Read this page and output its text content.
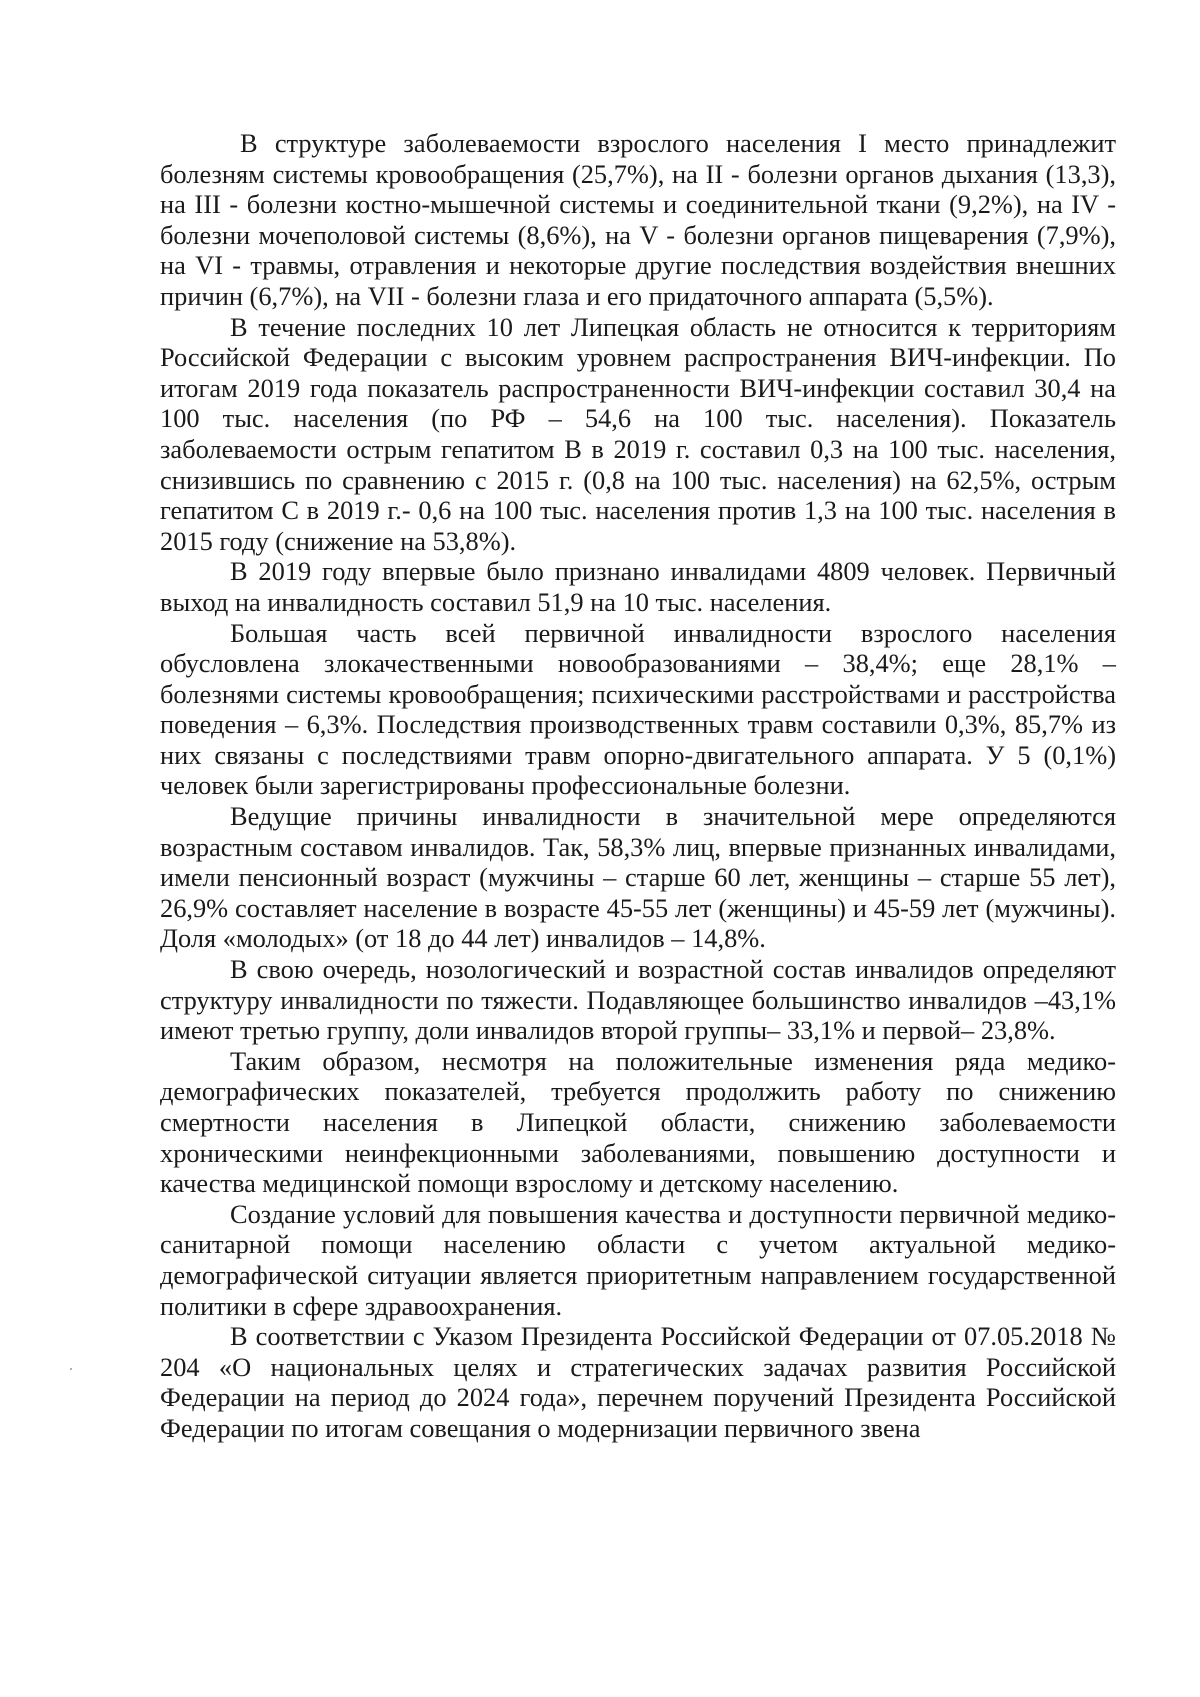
В структуре заболеваемости взрослого населения I место принадлежит болезням системы кровообращения (25,7%), на II - болезни органов дыхания (13,3), на III - болезни костно-мышечной системы и соединительной ткани (9,2%), на IV - болезни мочеполовой системы (8,6%), на V - болезни органов пищеварения (7,9%), на VI - травмы, отравления и некоторые другие последствия воздействия внешних причин (6,7%), на VII - болезни глаза и его придаточного аппарата (5,5%).

В течение последних 10 лет Липецкая область не относится к территориям Российской Федерации с высоким уровнем распространения ВИЧ-инфекции. По итогам 2019 года показатель распространенности ВИЧ-инфекции составил 30,4 на 100 тыс. населения (по РФ – 54,6 на 100 тыс. населения). Показатель заболеваемости острым гепатитом В в 2019 г. составил 0,3 на 100 тыс. населения, снизившись по сравнению с 2015 г. (0,8 на 100 тыс. населения) на 62,5%, острым гепатитом С в 2019 г.- 0,6 на 100 тыс. населения против 1,3 на 100 тыс. населения в 2015 году (снижение на 53,8%).

В 2019 году впервые было признано инвалидами 4809 человек. Первичный выход на инвалидность составил 51,9 на 10 тыс. населения.

Большая часть всей первичной инвалидности взрослого населения обусловлена злокачественными новообразованиями – 38,4%; еще 28,1% – болезнями системы кровообращения; психическими расстройствами и расстройства поведения – 6,3%. Последствия производственных травм составили 0,3%, 85,7% из них связаны с последствиями травм опорно-двигательного аппарата. У 5 (0,1%) человек были зарегистрированы профессиональные болезни.

Ведущие причины инвалидности в значительной мере определяются возрастным составом инвалидов. Так, 58,3% лиц, впервые признанных инвалидами, имели пенсионный возраст (мужчины – старше 60 лет, женщины – старше 55 лет), 26,9% составляет население в возрасте 45-55 лет (женщины) и 45-59 лет (мужчины). Доля «молодых» (от 18 до 44 лет) инвалидов – 14,8%.

В свою очередь, нозологический и возрастной состав инвалидов определяют структуру инвалидности по тяжести. Подавляющее большинство инвалидов –43,1% имеют третью группу, доли инвалидов второй группы– 33,1% и первой– 23,8%.

Таким образом, несмотря на положительные изменения ряда медико-демографических показателей, требуется продолжить работу по снижению смертности населения в Липецкой области, снижению заболеваемости хроническими неинфекционными заболеваниями, повышению доступности и качества медицинской помощи взрослому и детскому населению.

Создание условий для повышения качества и доступности первичной медико-санитарной помощи населению области с учетом актуальной медико-демографической ситуации является приоритетным направлением государственной политики в сфере здравоохранения.

В соответствии с Указом Президента Российской Федерации от 07.05.2018 № 204 «О национальных целях и стратегических задачах развития Российской Федерации на период до 2024 года», перечнем поручений Президента Российской Федерации по итогам совещания о модернизации первичного звена
